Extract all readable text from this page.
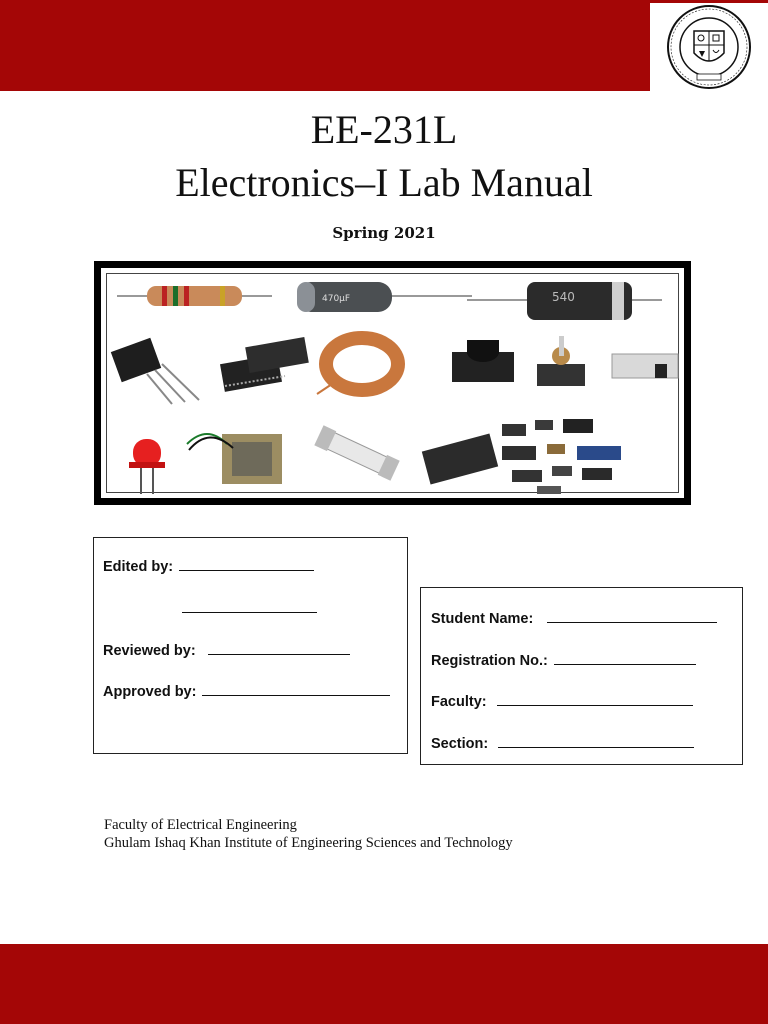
EE-231L
Electronics–I Lab Manual
Spring 2021
470µF	540
Edited by:
Reviewed by:
Approved by:
Student Name:
Registration No.:
Faculty:
Section:
Faculty of Electrical Engineering
Ghulam Ishaq Khan Institute of Engineering Sciences and Technology
